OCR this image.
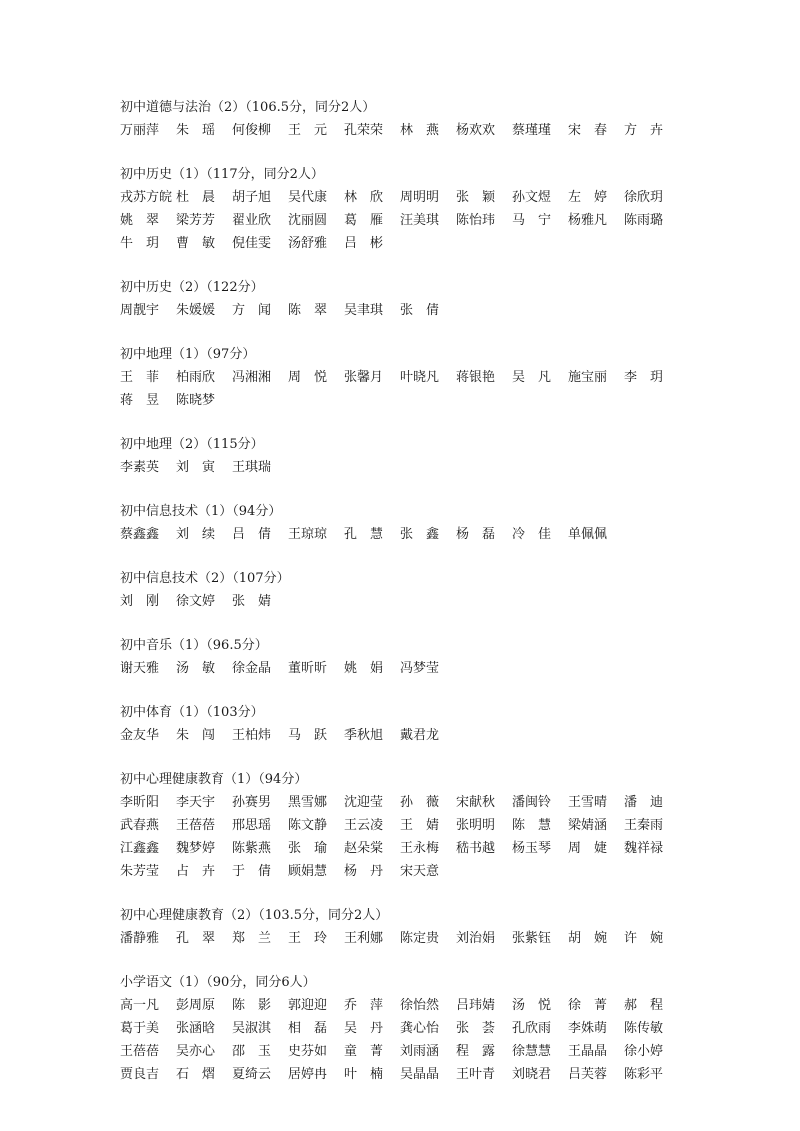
初中道德与法治（2）（106.5分，同分2人）
万丽萍	朱　瑶	何俊柳	王　元	孔荣荣	林　燕	杨欢欢	蔡瑾瑾	宋　春	方　卉
初中历史（1）（117分，同分2人）
戎苏方皖 杜　晨	胡子旭	吴代康	林　欣	周明明	张　颖	孙文煜	左　婷	徐欣玥
姚　翠	梁芳芳	翟业欣	沈丽圆	葛　雁	汪美琪	陈怡玮	马　宁	杨雅凡	陈雨璐
牛　玥	曹　敏	倪佳雯	汤舒雅	吕　彬
初中历史（2）（122分）
周靓宇	朱媛媛	方　闻	陈　翠	吴聿琪	张　倩
初中地理（1）（97分）
王　菲	柏雨欣	冯湘湘	周　悦	张馨月	叶晓凡	蒋银艳	吴　凡	施宝丽	李　玥
蒋　昱	陈晓梦
初中地理（2）（115分）
李素英	刘　寅	王琪瑞
初中信息技术（1）（94分）
蔡鑫鑫	刘　续	吕　倩	王琼琼	孔　慧	张　鑫	杨　磊	冷　佳	单佩佩
初中信息技术（2）（107分）
刘　刚	徐文婷	张　婧
初中音乐（1）（96.5分）
谢天雅	汤　敏	徐金晶	董昕昕	姚　娟	冯梦莹
初中体育（1）（103分）
金友华	朱　闯	王柏炜	马　跃	季秋旭	戴君龙
初中心理健康教育（1）（94分）
李昕阳	李天宇	孙赛男	黑雪娜	沈迎莹	孙　薇	宋献秋	潘闽铃	王雪晴	潘　迪
武春燕	王蓓蓓	邢思瑶	陈文静	王云凌	王　婧	张明明	陈　慧	梁婧涵	王秦雨
江鑫鑫	魏梦婷	陈紫燕	张　瑜	赵朵棠	王永梅	嵇书越	杨玉琴	周　婕	魏祥禄
朱芳莹	占　卉	于　倩	顾娟慧	杨　丹	宋天意
初中心理健康教育（2）（103.5分，同分2人）
潘静雅	孔　翠	郑　兰	王　玲	王利娜	陈定贵	刘治娟	张紫钰	胡　婉	许　婉
小学语文（1）（90分，同分6人）
高一凡	彭周原	陈　影	郭迎迎	乔　萍	徐怡然	吕玮婧	汤　悦	徐　菁	郝　程
葛于美	张涵晗	吴淑淇	相　磊	吴　丹	龚心怡	张　荟	孔欣雨	李姝萌	陈传敏
王蓓蓓	吴亦心	邵　玉	史芬如	童　菁	刘雨涵	程　露	徐慧慧	王晶晶	徐小婷
贾良吉	石　熠	夏绮云	居婷冉	叶　楠	吴晶晶	王叶青	刘晓君	吕芙蓉	陈彩平
